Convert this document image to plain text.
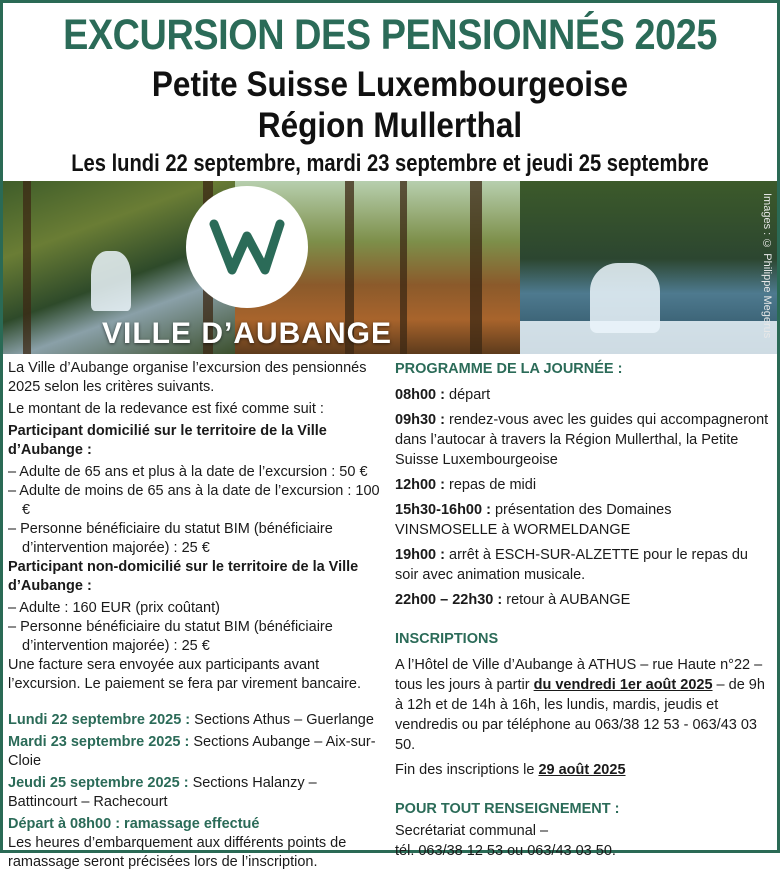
EXCURSION DES PENSIONNÉS 2025
Petite Suisse Luxembourgeoise
Région Mullerthal
Les lundi 22 septembre, mardi 23 septembre et jeudi 25 septembre
VILLE D’AUBANGE	Images : © Philippe Megerus
La Ville d’Aubange organise l’excursion des pensionnés 2025 selon les critères suivants.
Le montant de la redevance est fixé comme suit :
Participant domicilié sur le territoire de la Ville d’Aubange :
– Adulte de 65 ans et plus à la date de l’excursion : 50 €
– Adulte de moins de 65 ans à la date de l’excursion : 100 €
– Personne bénéficiaire du statut BIM (bénéficiaire d’intervention majorée) : 25 €
Participant non-domicilié sur le territoire de la Ville d’Aubange :
– Adulte : 160 EUR (prix coûtant)
– Personne bénéficiaire du statut BIM (bénéficiaire d’intervention majorée) : 25 €
Une facture sera envoyée aux participants avant l’excursion. Le paiement se fera par virement bancaire.
Lundi 22 septembre 2025 : Sections Athus – Guerlange
Mardi 23 septembre 2025 : Sections Aubange – Aix-sur-Cloie
Jeudi 25 septembre 2025 : Sections Halanzy – Battincourt – Rachecourt
Départ à 08h00 : ramassage effectué
Les heures d’embarquement aux différents points de ramassage seront précisées lors de l’inscription.
PROGRAMME DE LA JOURNÉE :
08h00 : départ
09h30 : rendez-vous avec les guides qui accompagneront dans l’autocar à travers la Région Mullerthal, la Petite Suisse Luxembourgeoise
12h00 : repas de midi
15h30-16h00 : présentation des Domaines VINSMOSELLE à WORMELDANGE
19h00 : arrêt à ESCH-SUR-ALZETTE pour le repas du soir avec animation musicale.
22h00 – 22h30 : retour à AUBANGE
INSCRIPTIONS
A l’Hôtel de Ville d’Aubange à ATHUS – rue Haute n°22 – tous les jours à partir du vendredi 1er août 2025 – de 9h à 12h et de 14h à 16h, les lundis, mardis, jeudis et vendredis ou par téléphone au 063/38 12 53 - 063/43 03 50.
Fin des inscriptions le 29 août 2025
POUR TOUT RENSEIGNEMENT :
Secrétariat communal –
tél. 063/38 12 53 ou 063/43 03 50.
